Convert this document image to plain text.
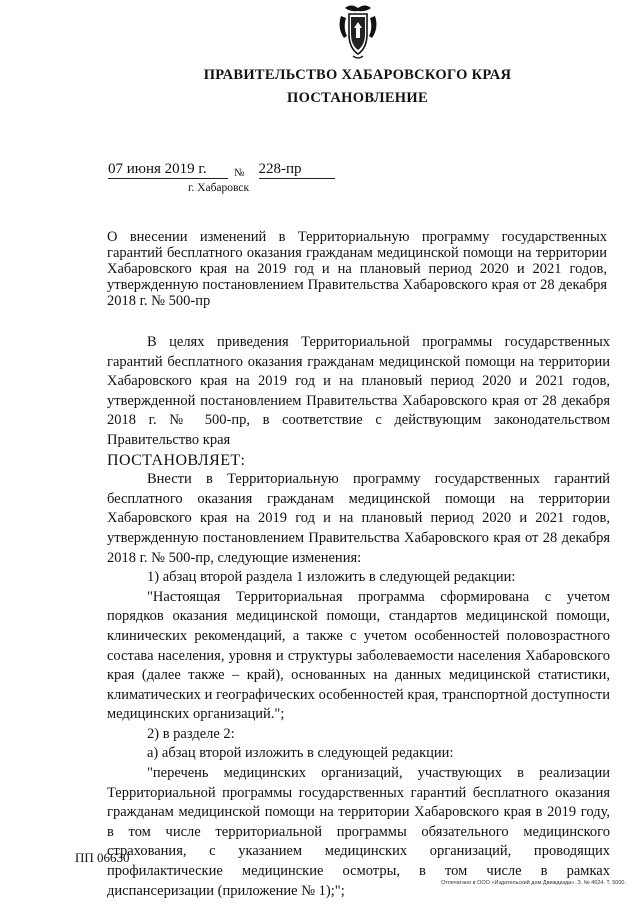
ПРАВИТЕЛЬСТВО ХАБАРОВСКОГО КРАЯ
ПОСТАНОВЛЕНИЕ
07 июня 2019 г. № 228-пр
г. Хабаровск
О внесении изменений в Территориальную программу государственных гарантий бесплатного оказания гражданам медицинской помощи на территории Хабаровского края на 2019 год и на плановый период 2020 и 2021 годов, утвержденную постановлением Правительства Хабаровского края от 28 декабря 2018 г. № 500-пр

В целях приведения Территориальной программы государственных гарантий бесплатного оказания гражданам медицинской помощи на территории Хабаровского края на 2019 год и на плановый период 2020 и 2021 годов, утвержденной постановлением Правительства Хабаровского края от 28 декабря 2018 г. № 500-пр, в соответствие с действующим законодательством Правительство края

ПОСТАНОВЛЯЕТ:

Внести в Территориальную программу государственных гарантий бесплатного оказания гражданам медицинской помощи на территории Хабаровского края на 2019 год и на плановый период 2020 и 2021 годов, утвержденную постановлением Правительства Хабаровского края от 28 декабря 2018 г. № 500-пр, следующие изменения:

1) абзац второй раздела 1 изложить в следующей редакции:

"Настоящая Территориальная программа сформирована с учетом порядков оказания медицинской помощи, стандартов медицинской помощи, клинических рекомендаций, а также с учетом особенностей половозрастного состава населения, уровня и структуры заболеваемости населения Хабаровского края (далее также – край), основанных на данных медицинской статистики, климатических и географических особенностей края, транспортной доступности медицинских организаций.";

2) в разделе 2:

а) абзац второй изложить в следующей редакции:

"перечень медицинских организаций, участвующих в реализации Территориальной программы государственных гарантий бесплатного оказания гражданам медицинской помощи на территории Хабаровского края в 2019 году, в том числе территориальной программы обязательного медицинского страхования, с указанием медицинских организаций, проводящих профилактические медицинские осмотры, в том числе в рамках диспансеризации (приложение № 1);";

ПП 06630
Отпечатано в ООО «Издательский дом Движдизда». З. № 4624. Т. 5000.
